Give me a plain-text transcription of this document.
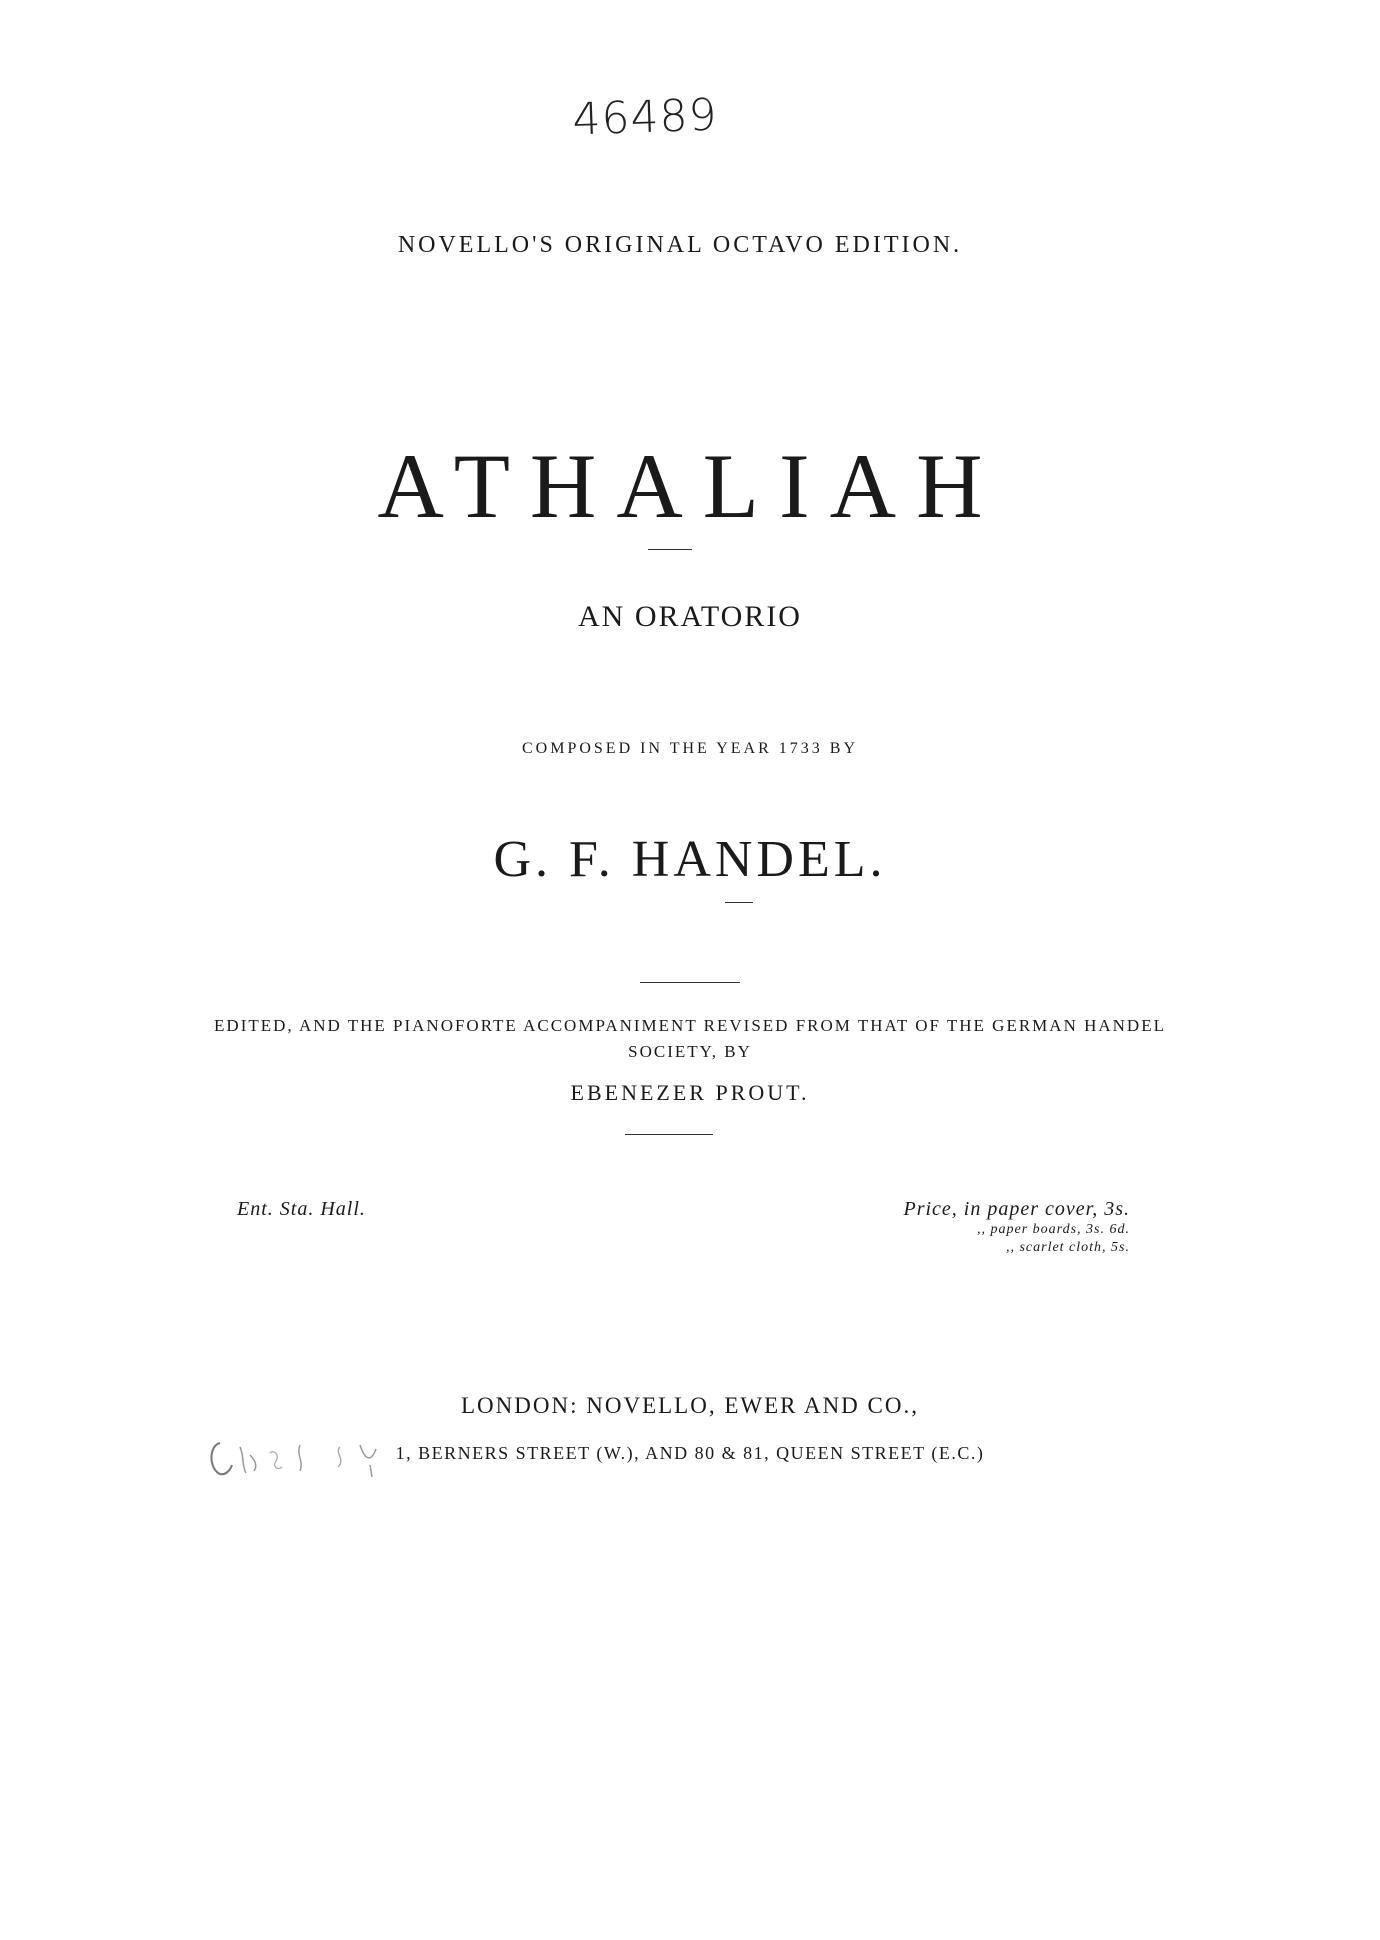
46489
NOVELLO'S ORIGINAL OCTAVO EDITION.
ATHALIAH
AN ORATORIO
COMPOSED IN THE YEAR 1733 BY
G. F. HANDEL.
EDITED, AND THE PIANOFORTE ACCOMPANIMENT REVISED FROM THAT OF THE GERMAN HANDEL SOCIETY, BY
EBENEZER PROUT.
Ent. Sta. Hall.	Price, in paper cover, 3s.
,, paper boards, 3s. 6d.
,, scarlet cloth, 5s.
LONDON: NOVELLO, EWER AND CO.,
1, BERNERS STREET (W.), AND 80 & 81, QUEEN STREET (E.C.)
